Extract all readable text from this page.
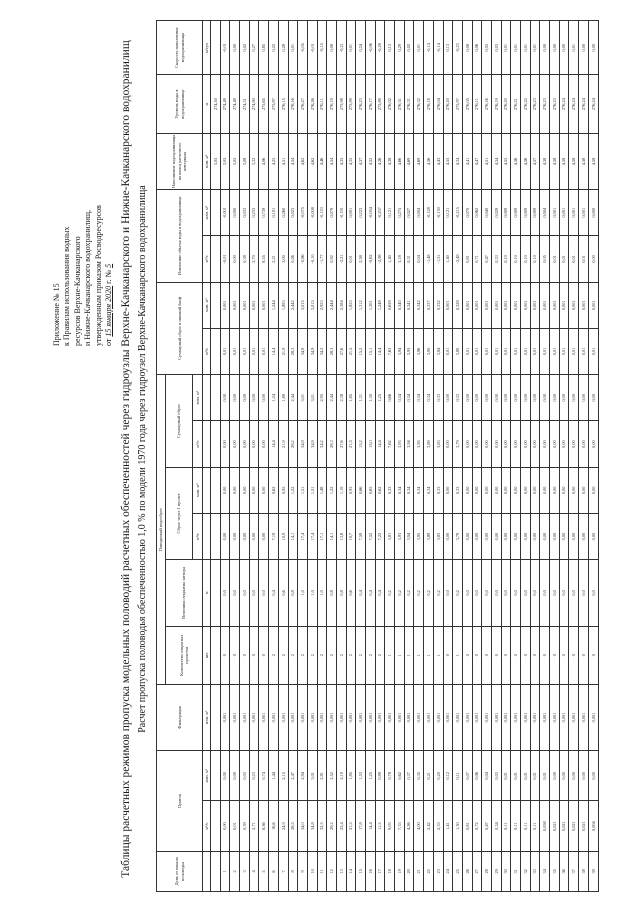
Приложение № 15 к Правилам использования водных ресурсов Верхне-Качканарского и Нижне-Качканарского водохранилищ, утвержденным приказом Росводресурсов от 15 января 2020 г. № 5 Таблицы расчетных режимов пропуска модельных половодий расчетных обеспеченностей через гидроузлы Верхне-Качканарского и Нижне-Качканарского водохранилищ Расчет пропуска половодья обеспеченностью 1,0 % по модели 1970 года через гидроузел Верхне-Качканарского водохранилища
День от начала половодья	Приток		Фильтрация	Паводковый водосброс						Суммарный сброс в нижний бьеф		Изменение объема воды в водохранилище		Наполнение водохранилища на конец расчетного интервала	Уровень воды в водохранилище	Скорость наполнения водохранилища
				Количество открытых пролетов	Величина открытия затвора	Сброс через 1 пролет		Суммарный сброс								
						м³/с	млн. м³	м³/с	млн. м³							
	м³/с	млн. м³	млн. м³	шт.	м					м³/с	млн. м³	м³/с	млн. м³	млн. м³	м	м/сут.
														3,05	274,50	
1	0,00	0,00	0,001	0	0,0	0,00	0,00	0,00	0,00	0,01	0,001	-0,01	-0,001	3,05	274,49	-0,01
2	0,01	0,00	0,001	0	0,0	0,00	0,00	0,00	0,00	0,01	0,001	0,00	0,000	3,05	274,49	0,00
3	0,39	0,03	0,001	0	0,0	0,00	0,00	0,00	0,00	0,01	0,001	0,38	0,033	3,08	274,51	0,02
4	2,71	0,23	0,001	0	0,0	0,00	0,00	0,00	0,00	0,01	0,001	2,70	0,233	3,32	274,80	0,27
5	8,56	0,74	0,001	0	0,0	0,00	0,00	0,00	0,00	0,01	0,001	8,55	0,739	4,06	275,65	0,85
6	16,6	1,44	0,001	2	0,4	7,19	0,62	14,4	1,24	14,4	1,244	2,21	0,191	4,25	275,87	0,22
7	24,9	2,15	0,001	2	0,6	10,9	0,95	21,9	1,89	21,9	1,893	3,00	0,260	4,51	276,15	0,28
8	28,5	2,47	0,001	2	0,8	14,1	1,22	28,2	2,44	28,3	2,442	0,26	0,023	4,54	276,16	0,01
9	34,0	2,94	0,001	2	1,0	17,4	1,51	34,9	3,01	34,9	3,015	-0,86	-0,075	4,62	276,27	-0,05
10	34,8	3,01	0,001	2	1,0	17,4	1,51	34,9	3,01	34,9	3,015	-0,10	-0,008	4,62	276,26	-0,01
11	32,5	2,81	0,001	2	1,0	17,1	1,48	34,2	2,95	34,2	2,953	-1,77	-0,153	4,46	276,11	-0,15
12	29,2	2,52	0,001	2	0,8	14,1	1,22	28,3	2,44	28,3	2,444	0,92	0,079	4,54	276,19	0,08
13	25,4	2,19	0,001	2	0,8	13,8	1,19	27,6	2,38	27,6	2,384	-2,21	-0,191	4,35	275,98	-0,21
14	21,5	1,85	0,001	2	0,6	10,7	0,93	21,5	1,85	21,5	1,853	0,01	0,001	4,35	275,99	0,01
15	17,8	1,53	0,001	2	0,4	7,59	0,66	15,2	1,31	15,2	1,312	2,58	0,223	4,57	276,23	0,24
16	14,4	1,25	0,001	2	0,4	7,52	0,65	15,0	1,30	15,1	1,301	-0,62	-0,054	4,52	276,17	-0,06
17	11,5	0,99	0,001	2	0,4	7,22	0,62	14,4	1,25	14,4	1,248	-2,98	-0,257	4,26	275,89	-0,28
18	9,03	0,78	0,001	1	0,2	3,81	0,33	7,62	0,66	7,63	0,659	1,40	0,121	4,38	276,02	0,13
19	7,33	0,62	0,001	1	0,2	3,93	0,34	3,93	0,34	3,94	0,340	3,18	0,275	4,66	276,31	0,29
20	4,26	0,37	0,001	1	0,2	3,94	0,34	3,94	0,34	3,95	0,341	0,31	0,027	4,69	276,31	0,02
21	4,00	0,35	0,001	1	0,2	3,95	0,34	3,95	0,34	3,96	0,342	0,04	0,004	4,69	276,32	0,01
22	2,42	0,21	0,001	1	0,2	3,89	0,34	3,89	0,34	3,90	0,337	-1,48	-0,128	4,56	276,18	-0,14
23	2,33	0,20	0,001	1	0,2	3,83	0,33	3,83	0,33	3,84	0,332	-1,51	-0,130	4,43	276,04	-0,14
24	1,41	0,12	0,001	0	0,0	0,00	0,00	0,00	0,00	0,01	0,001	1,40	0,121	4,55	276,20	0,13
25	1,30	0,11	0,001	1	0,2	3,79	0,33	3,79	0,33	3,80	0,328	-2,49	-0,215	4,34	275,97	-0,23
26	0,81	0,07	0,001	0	0,0	0,00	0,00	0,00	0,00	0,01	0,001	0,81	0,070	4,41	276,05	0,08
27	0,72	0,06	0,001	0	0,0	0,00	0,00	0,00	0,00	0,01	0,001	0,71	0,062	4,47	276,11	0,06
28	0,47	0,04	0,001	0	0,0	0,00	0,00	0,00	0,00	0,01	0,001	0,47	0,040	4,51	276,16	0,05
29	0,34	0,03	0,001	0	0,0	0,00	0,00	0,00	0,00	0,01	0,001	0,33	0,029	4,54	276,19	0,03
30	0,11	0,01	0,001	0	0,0	0,00	0,00	0,00	0,00	0,01	0,001	0,10	0,009	4,55	276,20	0,01
31	0,11	0,01	0,001	0	0,0	0,00	0,00	0,00	0,00	0,01	0,001	0,10	0,009	4,56	276,21	0,01
32	0,11	0,01	0,001	0	0,0	0,00	0,00	0,00	0,00	0,01	0,001	0,10	0,009	4,56	276,22	0,01
33	0,11	0,01	0,001	0	0,0	0,00	0,00	0,00	0,00	0,01	0,001	0,10	0,009	4,57	276,23	0,01
34	0,058	0,01	0,001	0	0,0	0,00	0,00	0,00	0,00	0,01	0,001	0,05	0,004	4,58	276,23	0,00
35	0,021	0,00	0,001	0	0,0	0,00	0,00	0,00	0,00	0,01	0,001	0,01	0,001	4,58	276,23	0,00
36	0,021	0,00	0,001	0	0,0	0,00	0,00	0,00	0,00	0,01	0,001	0,01	0,001	4,58	276,24	0,00
37	0,021	0,00	0,001	0	0,0	0,00	0,00	0,00	0,00	0,01	0,001	0,01	0,001	4,58	276,24	0,01
38	0,021	0,00	0,001	0	0,0	0,00	0,00	0,00	0,00	0,01	0,001	0,01	0,001	4,58	276,24	0,00
39	0,004	0,00	0,001	0	0,0	0,00	0,00	0,00	0,00	0,01	0,001	0,00	0,000	4,58	276,24	0,00
